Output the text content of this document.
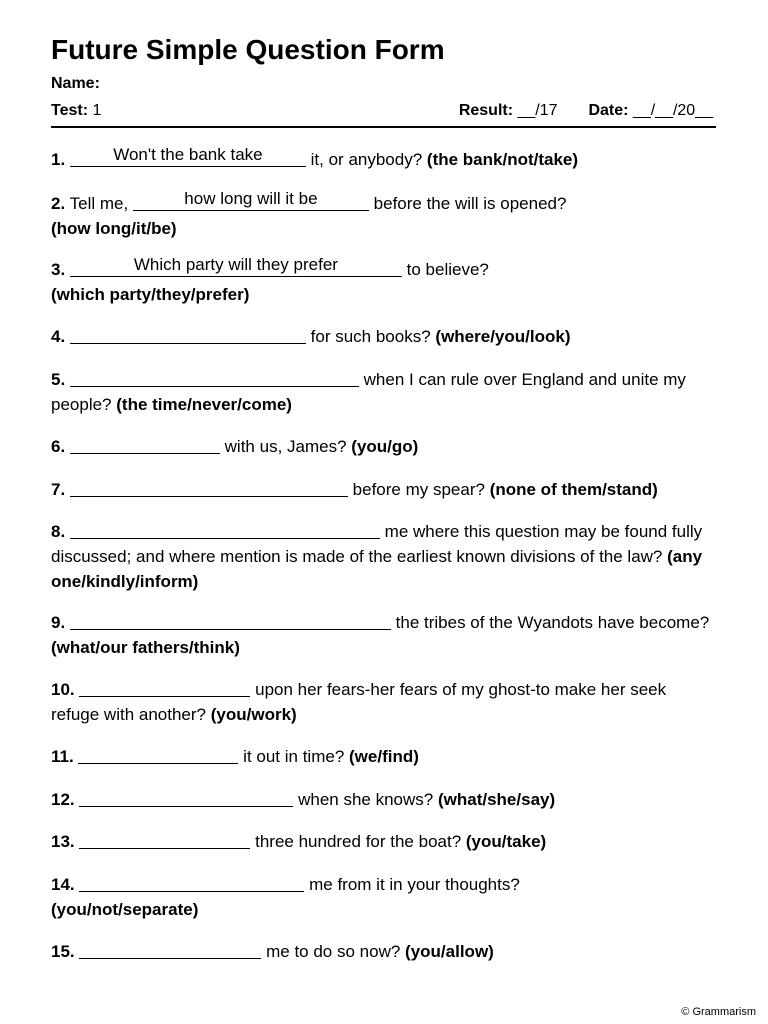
Future Simple Question Form
Name:
Test: 1	Result: __/17 Date: __/__/20__
1.	Won't the bank take	it, or anybody? (the bank/not/take)
2. Tell me,	how long will it be	before the will is opened?
(how long/it/be)
3.	Which party will they prefer	to believe?
(which party/they/prefer)
4.	for such books? (where/you/look)
5.	when I can rule over England and unite my people? (the time/never/come)
6.	with us, James? (you/go)
7.	before my spear? (none of them/stand)
8.	me where this question may be found fully discussed; and where mention is made of the earliest known divisions of the law? (any one/kindly/inform)
9.	the tribes of the Wyandots have become? (what/our fathers/think)
10.	upon her fears-her fears of my ghost-to make her seek refuge with another? (you/work)
11.	it out in time? (we/find)
12.	when she knows? (what/she/say)
13.	three hundred for the boat? (you/take)
14.	me from it in your thoughts?
(you/not/separate)
15.	me to do so now? (you/allow)
© Grammarism
